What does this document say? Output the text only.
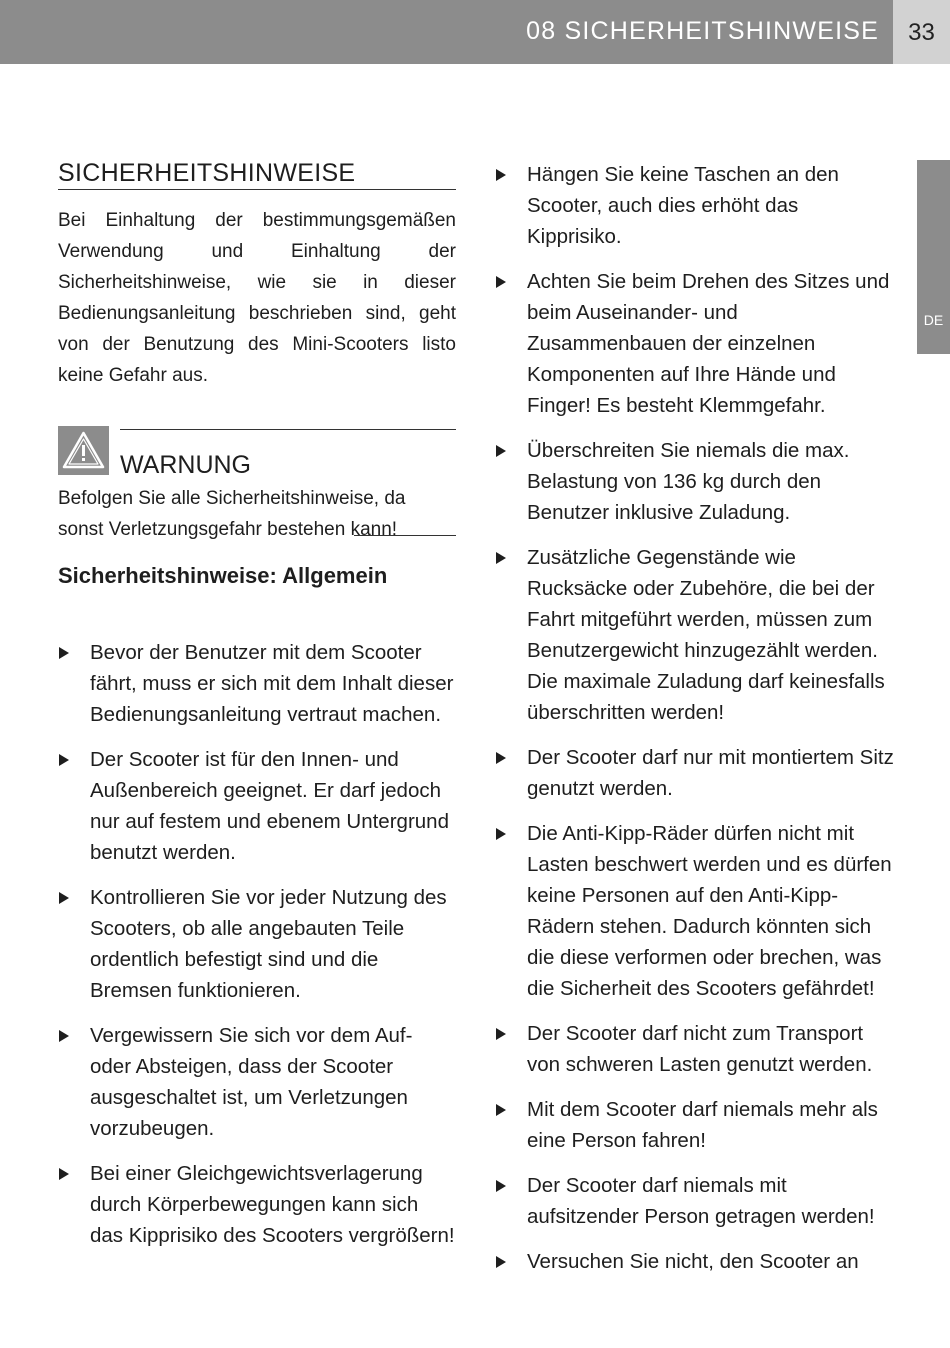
08 SICHERHEITSHINWEISE	33
DE
SICHERHEITSHINWEISE

Bei Einhaltung der bestimmungsgemäßen Verwendung und Einhaltung der Sicherheitshinweise, wie sie in dieser Bedienungsanleitung beschrieben sind, geht von der Benutzung des Mini-Scooters listo keine Gefahr aus.

WARNUNG
Befolgen Sie alle Sicherheitshinweise, da sonst Verletzungsgefahr bestehen kann!
Sicherheitshinweise: Allgemein
Bevor der Benutzer mit dem Scooter fährt, muss er sich mit dem Inhalt dieser Bedienungsanleitung vertraut machen.
Der Scooter ist für den Innen- und Außenbereich geeignet. Er darf jedoch nur auf festem und ebenem Untergrund benutzt werden.
Kontrollieren Sie vor jeder Nutzung des Scooters, ob alle angebauten Teile ordentlich befestigt sind und die Bremsen funktionieren.
Vergewissern Sie sich vor dem Auf- oder Absteigen, dass der Scooter ausgeschaltet ist, um Verletzungen vorzubeugen.
Bei einer Gleichgewichtsverlagerung durch Körperbewegungen kann sich das Kipprisiko des Scooters vergrößern!
Hängen Sie keine Taschen an den Scooter, auch dies erhöht das Kipprisiko.
Achten Sie beim Drehen des Sitzes und beim Auseinander- und Zusammenbauen der einzelnen Komponenten auf Ihre Hände und Finger! Es besteht Klemmgefahr.
Überschreiten Sie niemals die max. Belastung von 136 kg durch den Benutzer inklusive Zuladung.
Zusätzliche Gegenstände wie Rucksäcke oder Zubehöre, die bei der Fahrt mitgeführt werden, müssen zum Benutzergewicht hinzugezählt werden. Die maximale Zuladung darf keinesfalls überschritten werden!
Der Scooter darf nur mit montiertem Sitz genutzt werden.
Die Anti-Kipp-Räder dürfen nicht mit Lasten beschwert werden und es dürfen keine Personen auf den Anti-Kipp-Rädern stehen. Dadurch könnten sich die diese verformen oder brechen, was die Sicherheit des Scooters gefährdet!
Der Scooter darf nicht zum Transport von schweren Lasten genutzt werden.
Mit dem Scooter darf niemals mehr als eine Person fahren!
Der Scooter darf niemals mit aufsitzender Person getragen werden!
Versuchen Sie nicht, den Scooter an
